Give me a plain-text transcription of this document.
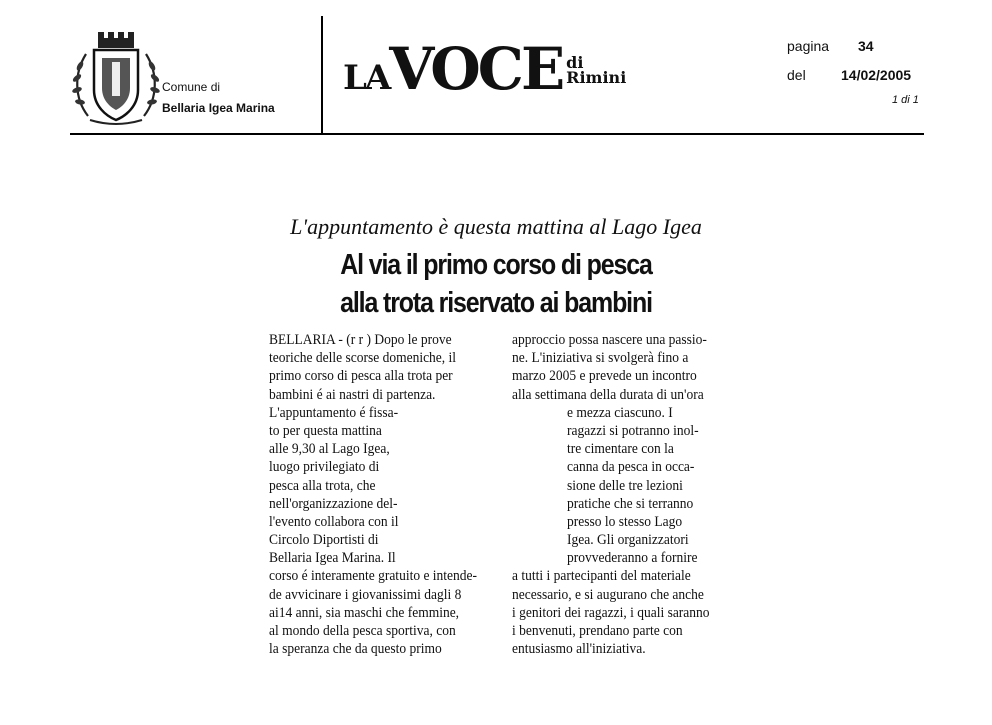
Comune di
Bellaria Igea Marina
LAVOCE di
Rimini
pagina 34
del	14/02/2005
1 di 1
L'appuntamento è questa mattina al Lago Igea
Al via il primo corso di pesca
alla trota riservato ai bambini
BELLARIA - (r r ) Dopo le prove
teoriche delle scorse domeniche, il
primo corso di pesca alla trota per
bambini é ai nastri di partenza.
L'appuntamento é fissa-
to per questa mattina
alle 9,30 al Lago Igea,
luogo privilegiato di
pesca alla trota, che
nell'organizzazione del-
l'evento collabora con il
Circolo Diportisti di
Bellaria Igea Marina. Il
corso é interamente gratuito e intende-
de avvicinare i giovanissimi dagli 8
ai14 anni, sia maschi che femmine,
al mondo della pesca sportiva, con
la speranza che da questo primo
approccio possa nascere una passio-
ne. L'iniziativa si svolgerà fino a
marzo 2005 e prevede un incontro
alla settimana della durata di un'ora
e mezza ciascuno. I
ragazzi si potranno inol-
tre cimentare con la
canna da pesca in occa-
sione delle tre lezioni
pratiche che si terranno
presso lo stesso Lago
Igea. Gli organizzatori
provvederanno a fornire
a tutti i partecipanti del materiale
necessario, e si augurano che anche
i genitori dei ragazzi, i quali saranno
i benvenuti, prendano parte con
entusiasmo all'iniziativa.
